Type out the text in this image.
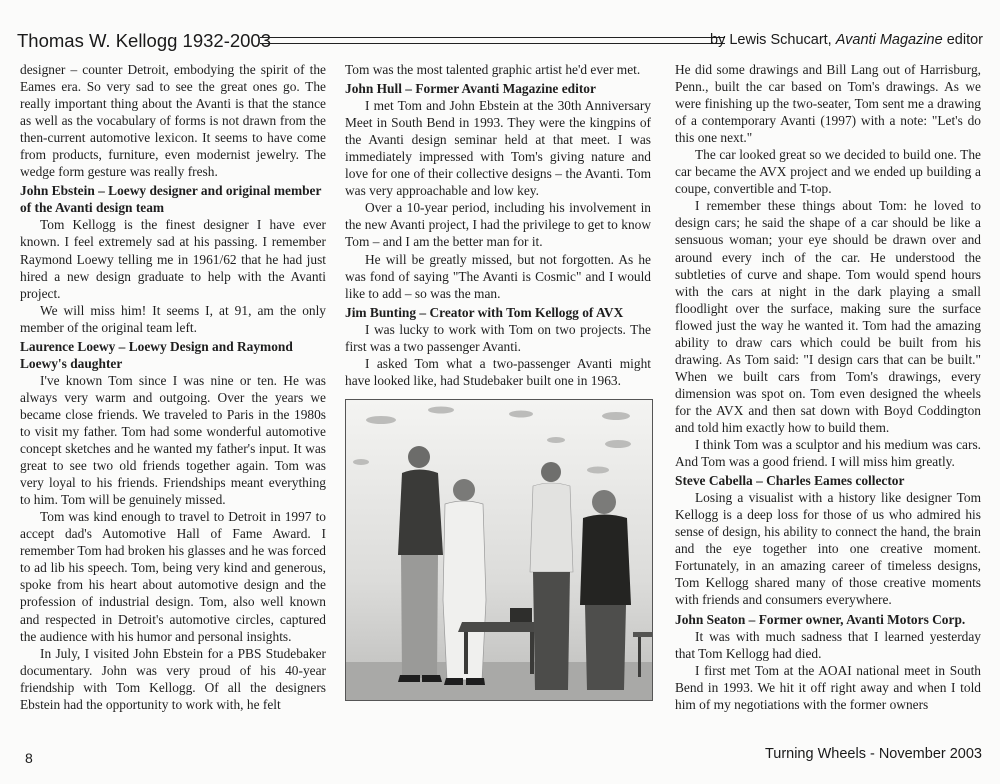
Thomas W. Kellogg 1932-2003	by Lewis Schucart, Avanti Magazine editor

designer – counter Detroit, embodying the spirit of the Eames era. So very sad to see the great ones go. The really important thing about the Avanti is that the stance as well as the vocabulary of forms is not drawn from the then-current automotive lexicon. It seems to have come from products, furniture, even modernist jewelry. The wedge form gesture was really fresh.

John Ebstein – Loewy designer and original member of the Avanti design team

Tom Kellogg is the finest designer I have ever known. I feel extremely sad at his passing. I remember Raymond Loewy telling me in 1961/62 that he had just hired a new design graduate to help with the Avanti project.

We will miss him! It seems I, at 91, am the only member of the original team left.

Laurence Loewy – Loewy Design and Raymond Loewy's daughter

I've known Tom since I was nine or ten. He was always very warm and outgoing. Over the years we became close friends. We traveled to Paris in the 1980s to visit my father. Tom had some wonderful automotive concept sketches and he wanted my father's input. It was great to see two old friends together again. Tom was very loyal to his friends. Friendships meant everything to him. Tom will be genuinely missed.

Tom was kind enough to travel to Detroit in 1997 to accept dad's Automotive Hall of Fame Award. I remember Tom had broken his glasses and he was forced to ad lib his speech. Tom, being very kind and generous, spoke from his heart about automotive design and the profession of industrial design. Tom, also well known and respected in Detroit's automotive circles, captured the audience with his humor and personal insights.

In July, I visited John Ebstein for a PBS Studebaker documentary. John was very proud of his 40-year friendship with Tom Kellogg. Of all the designers Ebstein had the opportunity to work with, he felt

Tom was the most talented graphic artist he'd ever met.

John Hull – Former Avanti Magazine editor

I met Tom and John Ebstein at the 30th Anniversary Meet in South Bend in 1993. They were the kingpins of the Avanti design seminar held at that meet. I was immediately impressed with Tom's giving nature and love for one of their collective designs – the Avanti. Tom was very approachable and low key.

Over a 10-year period, including his involvement in the new Avanti project, I had the privilege to get to know Tom – and I am the better man for it.

He will be greatly missed, but not forgotten. As he was fond of saying "The Avanti is Cosmic" and I would like to add – so was the man.

Jim Bunting – Creator with Tom Kellogg of AVX

I was lucky to work with Tom on two projects. The first was a two passenger Avanti.

I asked Tom what a two-passenger Avanti might have looked like, had Studebaker built one in 1963.

He did some drawings and Bill Lang out of Harrisburg, Penn., built the car based on Tom's drawings. As we were finishing up the two-seater, Tom sent me a drawing of a contemporary Avanti (1997) with a note: "Let's do this one next."

The car looked great so we decided to build one. The car became the AVX project and we ended up building a coupe, convertible and T-top.

I remember these things about Tom: he loved to design cars; he said the shape of a car should be like a sensuous woman; your eye should be drawn over and around every inch of the car. He understood the subtleties of curve and shape. Tom would spend hours with the cars at night in the dark playing a small floodlight over the surface, making sure the surface flowed just the way he wanted it. Tom had the amazing ability to draw cars which could be built from his drawing. As Tom said: "I design cars that can be built." When we built cars from Tom's drawings, every dimension was spot on. Tom even designed the wheels for the AVX and then sat down with Boyd Coddington and told him exactly how to build them.

I think Tom was a sculptor and his medium was cars. And Tom was a good friend. I will miss him greatly.

Steve Cabella – Charles Eames collector

Losing a visualist with a history like designer Tom Kellogg is a deep loss for those of us who admired his sense of design, his ability to connect the hand, the brain and the eye together into one creative moment. Fortunately, in an amazing career of timeless designs, Tom Kellogg shared many of those creative moments with friends and consumers everywhere.

John Seaton – Former owner, Avanti Motors Corp.

It was with much sadness that I learned yesterday that Tom Kellogg had died.

I first met Tom at the AOAI national meet in South Bend in 1993. We hit it off right away and when I told him of my negotiations with the former owners

8	Turning Wheels - November 2003
